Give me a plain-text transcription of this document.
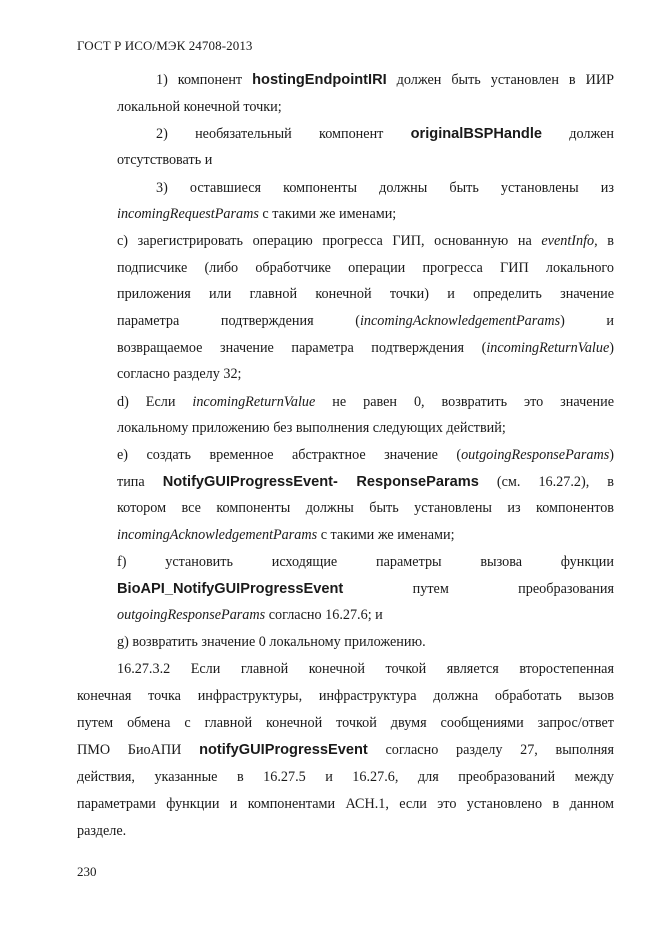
ГОСТ Р ИСО/МЭК 24708-2013
1) компонент hostingEndpointIRI должен быть установлен в ИИР
локальной конечной точки;
2) необязательный компонент originalBSPHandle должен
отсутствовать и
3) оставшиеся компоненты должны быть установлены из
incomingRequestParams с такими же именами;
c) зарегистрировать операцию прогресса ГИП, основанную на eventInfo, в
подписчике (либо обработчике операции прогресса ГИП локального
приложения или главной конечной точки) и определить значение
параметра подтверждения (incomingAcknowledgementParams) и
возвращаемое значение параметра подтверждения (incomingReturnValue)
согласно разделу 32;
d) Если incomingReturnValue не равен 0, возвратить это значение
локальному приложению без выполнения следующих действий;
e) создать временное абстрактное значение (outgoingResponseParams)
типа NotifyGUIProgressEvent- ResponseParams (см. 16.27.2), в
котором все компоненты должны быть установлены из компонентов
incomingAcknowledgementParams с такими же именами;
f) установить исходящие параметры вызова функции
BioAPI_NotifyGUIProgressEvent путем преобразования
outgoingResponseParams согласно 16.27.6; и
g) возвратить значение 0 локальному приложению.
16.27.3.2 Если главной конечной точкой является второстепенная
конечная точка инфраструктуры, инфраструктура должна обработать вызов
путем обмена с главной конечной точкой двумя сообщениями запрос/ответ
ПМО БиоАПИ notifyGUIProgressEvent согласно разделу 27, выполняя
действия, указанные в 16.27.5 и 16.27.6, для преобразований между
параметрами функции и компонентами АСН.1, если это установлено в данном
разделе.
230
